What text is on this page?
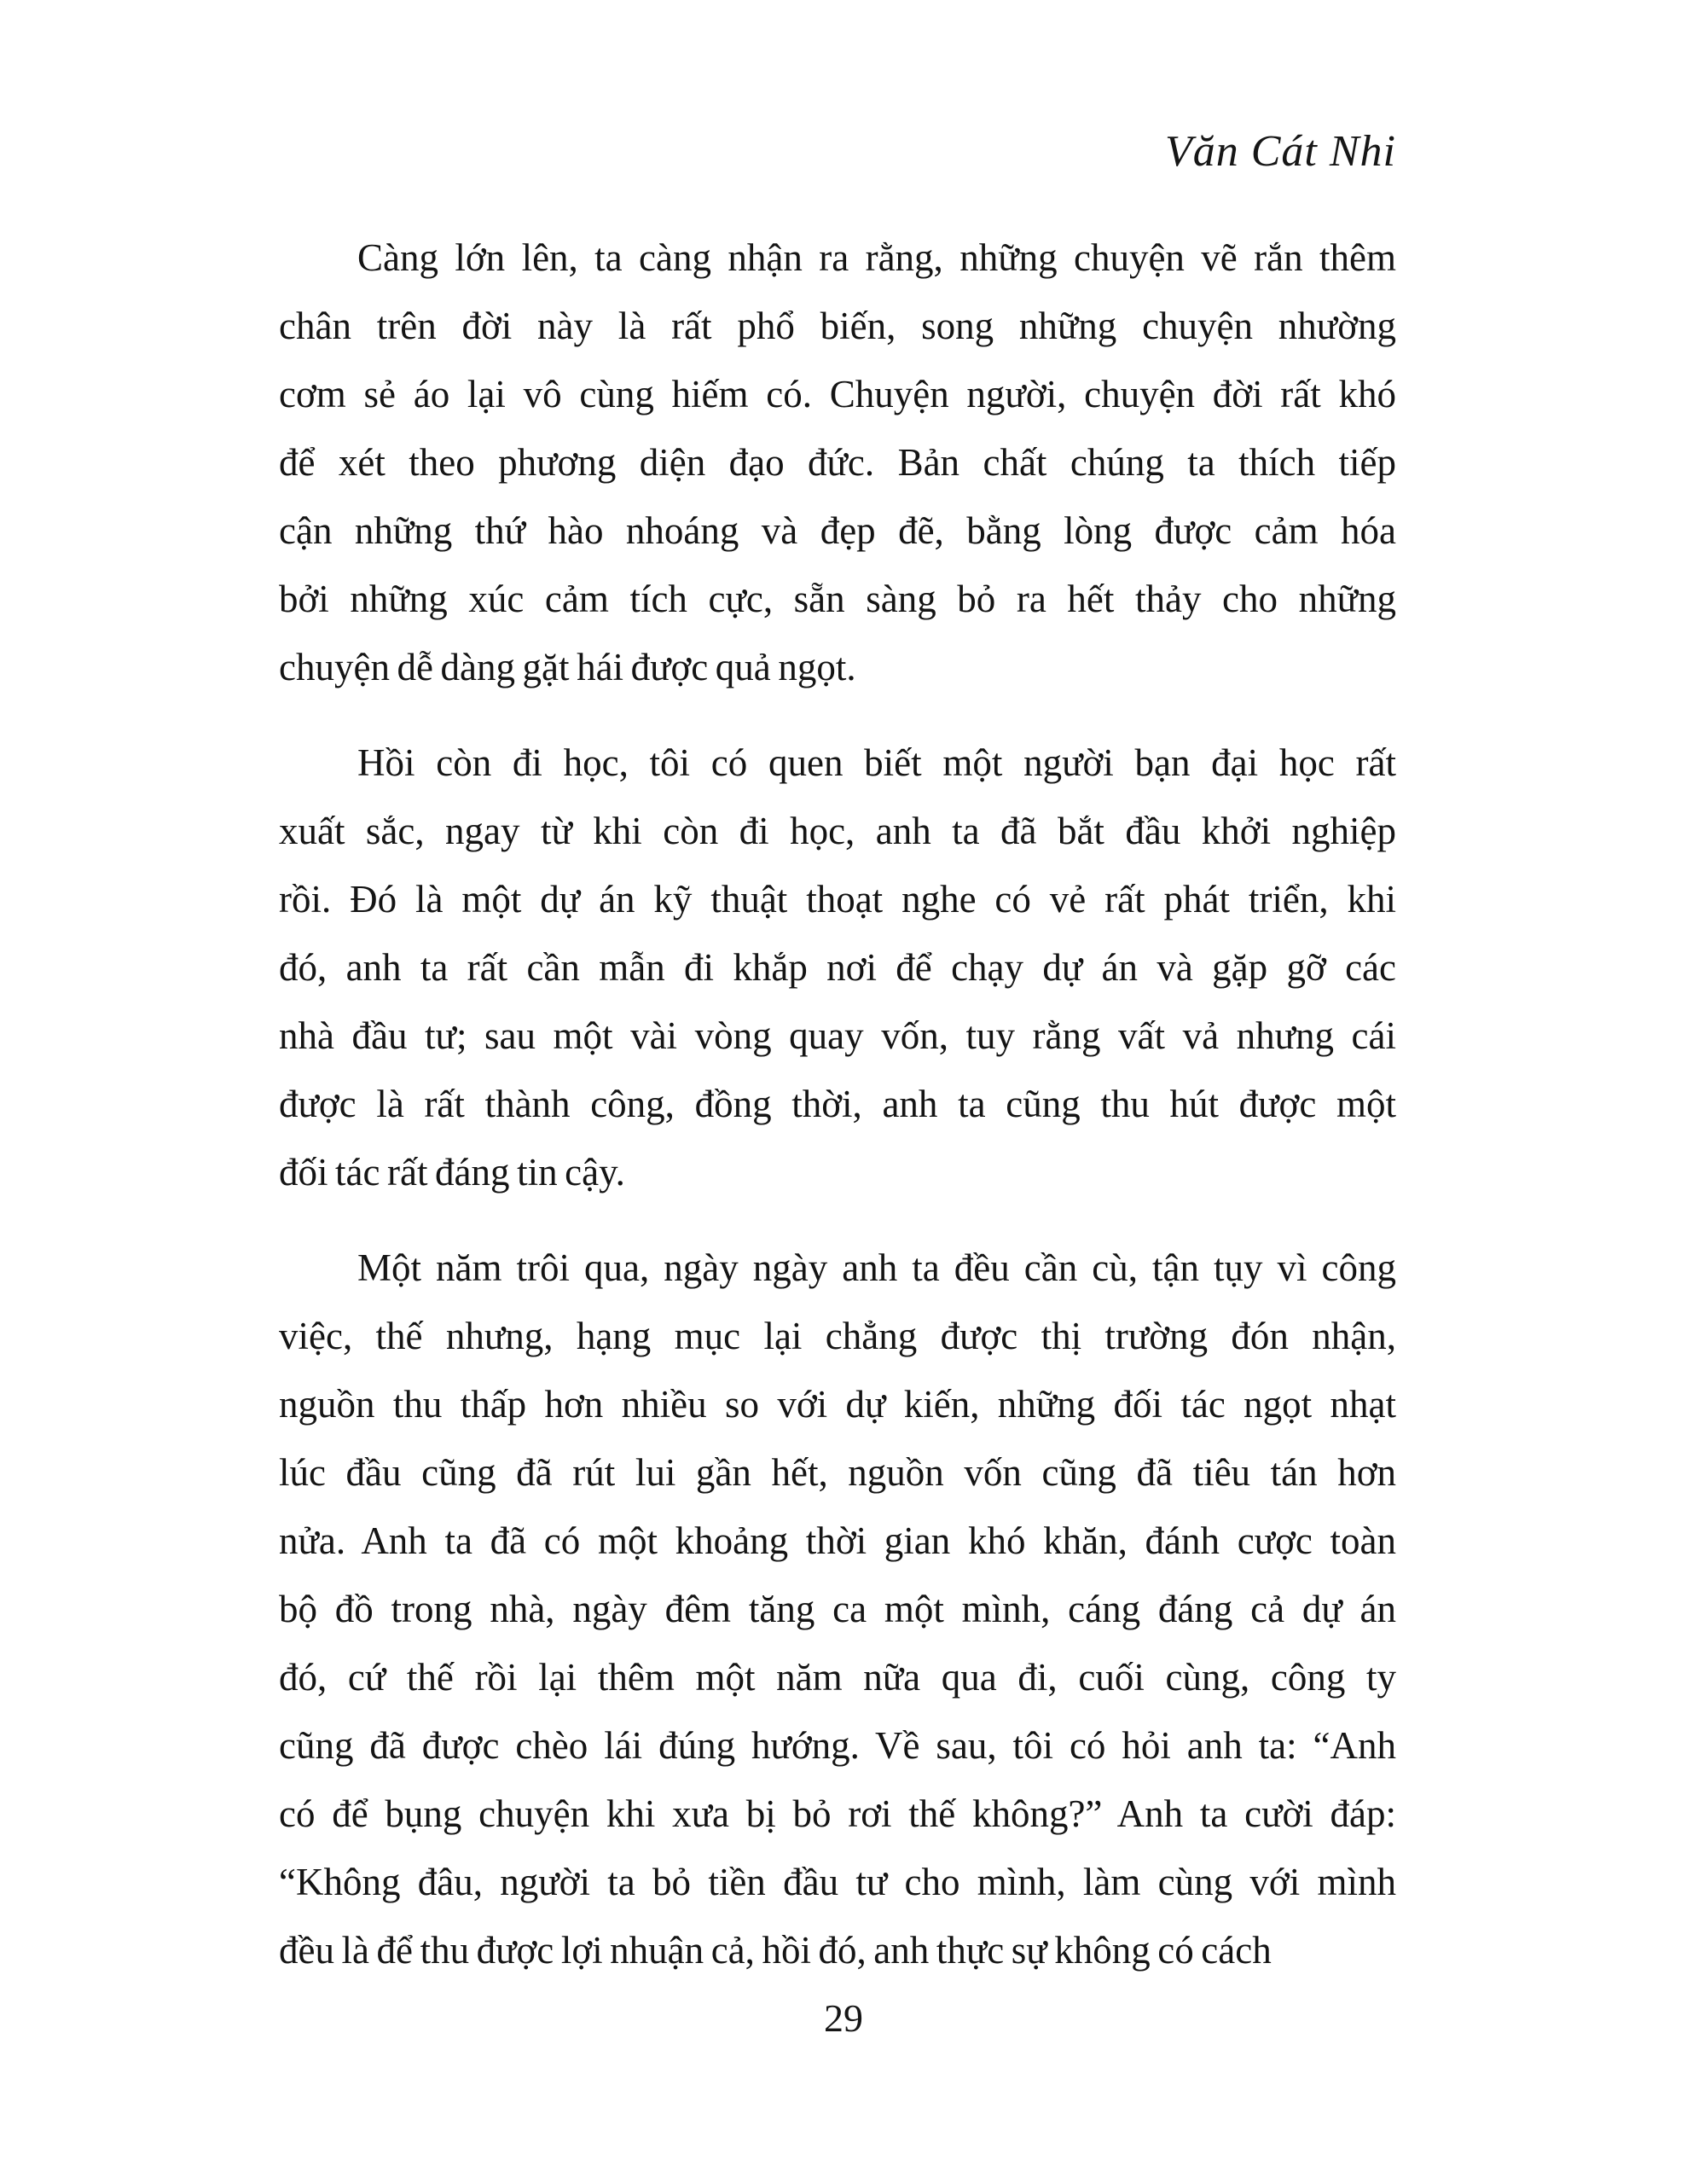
Văn Cát Nhi
Càng lớn lên, ta càng nhận ra rằng, những chuyện vẽ rắn thêm
chân trên đời này là rất phổ biến, song những chuyện nhường
cơm sẻ áo lại vô cùng hiếm có. Chuyện người, chuyện đời rất khó
để xét theo phương diện đạo đức. Bản chất chúng ta thích tiếp
cận những thứ hào nhoáng và đẹp đẽ, bằng lòng được cảm hóa
bởi những xúc cảm tích cực, sẵn sàng bỏ ra hết thảy cho những
chuyện dễ dàng gặt hái được quả ngọt.
Hồi còn đi học, tôi có quen biết một người bạn đại học rất
xuất sắc, ngay từ khi còn đi học, anh ta đã bắt đầu khởi nghiệp
rồi. Đó là một dự án kỹ thuật thoạt nghe có vẻ rất phát triển, khi
đó, anh ta rất cần mẫn đi khắp nơi để chạy dự án và gặp gỡ các
nhà đầu tư; sau một vài vòng quay vốn, tuy rằng vất vả nhưng cái
được là rất thành công, đồng thời, anh ta cũng thu hút được một
đối tác rất đáng tin cậy.
Một năm trôi qua, ngày ngày anh ta đều cần cù, tận tụy vì công
việc, thế nhưng, hạng mục lại chẳng được thị trường đón nhận,
nguồn thu thấp hơn nhiều so với dự kiến, những đối tác ngọt nhạt
lúc đầu cũng đã rút lui gần hết, nguồn vốn cũng đã tiêu tán hơn
nửa. Anh ta đã có một khoảng thời gian khó khăn, đánh cược toàn
bộ đồ trong nhà, ngày đêm tăng ca một mình, cáng đáng cả dự án
đó, cứ thế rồi lại thêm một năm nữa qua đi, cuối cùng, công ty
cũng đã được chèo lái đúng hướng. Về sau, tôi có hỏi anh ta: “Anh
có để bụng chuyện khi xưa bị bỏ rơi thế không?” Anh ta cười đáp:
“Không đâu, người ta bỏ tiền đầu tư cho mình, làm cùng với mình
đều là để thu được lợi nhuận cả, hồi đó, anh thực sự không có cách
29
